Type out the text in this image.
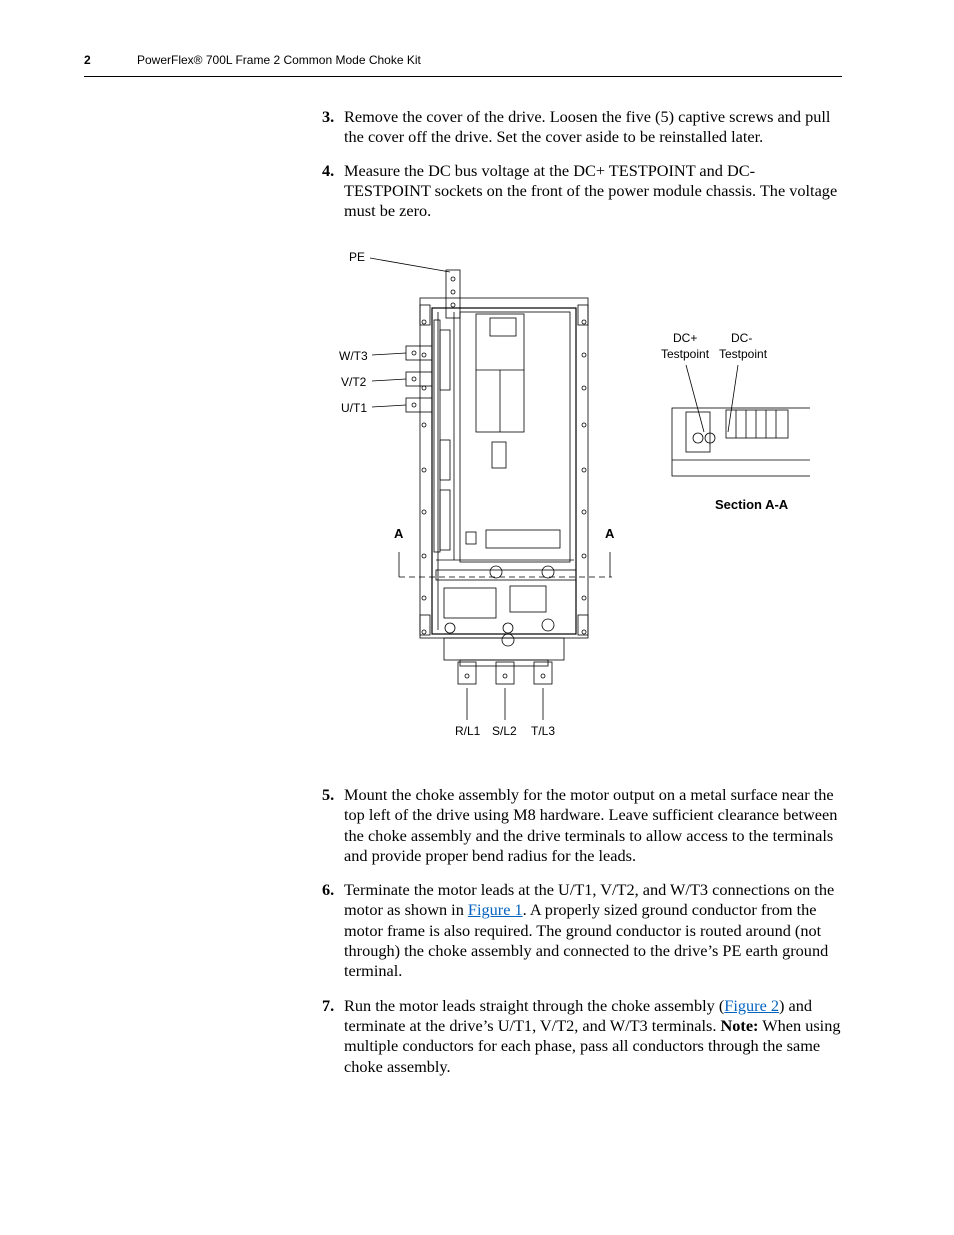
2	PowerFlex® 700L Frame 2 Common Mode Choke Kit
3. Remove the cover of the drive. Loosen the five (5) captive screws and pull the cover off the drive. Set the cover aside to be reinstalled later.
4. Measure the DC bus voltage at the DC+ TESTPOINT and DC- TESTPOINT sockets on the front of the power module chassis. The voltage must be zero.
PE
W/T3
V/T2
U/T1
A	A
R/L1 S/L2 T/L3
DC+
Testpoint
DC-
Testpoint
Section A-A
5. Mount the choke assembly for the motor output on a metal surface near the top left of the drive using M8 hardware. Leave sufficient clearance between the choke assembly and the drive terminals to allow access to the terminals and provide proper bend radius for the leads.
6. Terminate the motor leads at the U/T1, V/T2, and W/T3 connections on the motor as shown in Figure 1. A properly sized ground conductor from the motor frame is also required. The ground conductor is routed around (not through) the choke assembly and connected to the drive’s PE earth ground terminal.
7. Run the motor leads straight through the choke assembly (Figure 2) and terminate at the drive’s U/T1, V/T2, and W/T3 terminals. Note: When using multiple conductors for each phase, pass all conductors through the same choke assembly.
